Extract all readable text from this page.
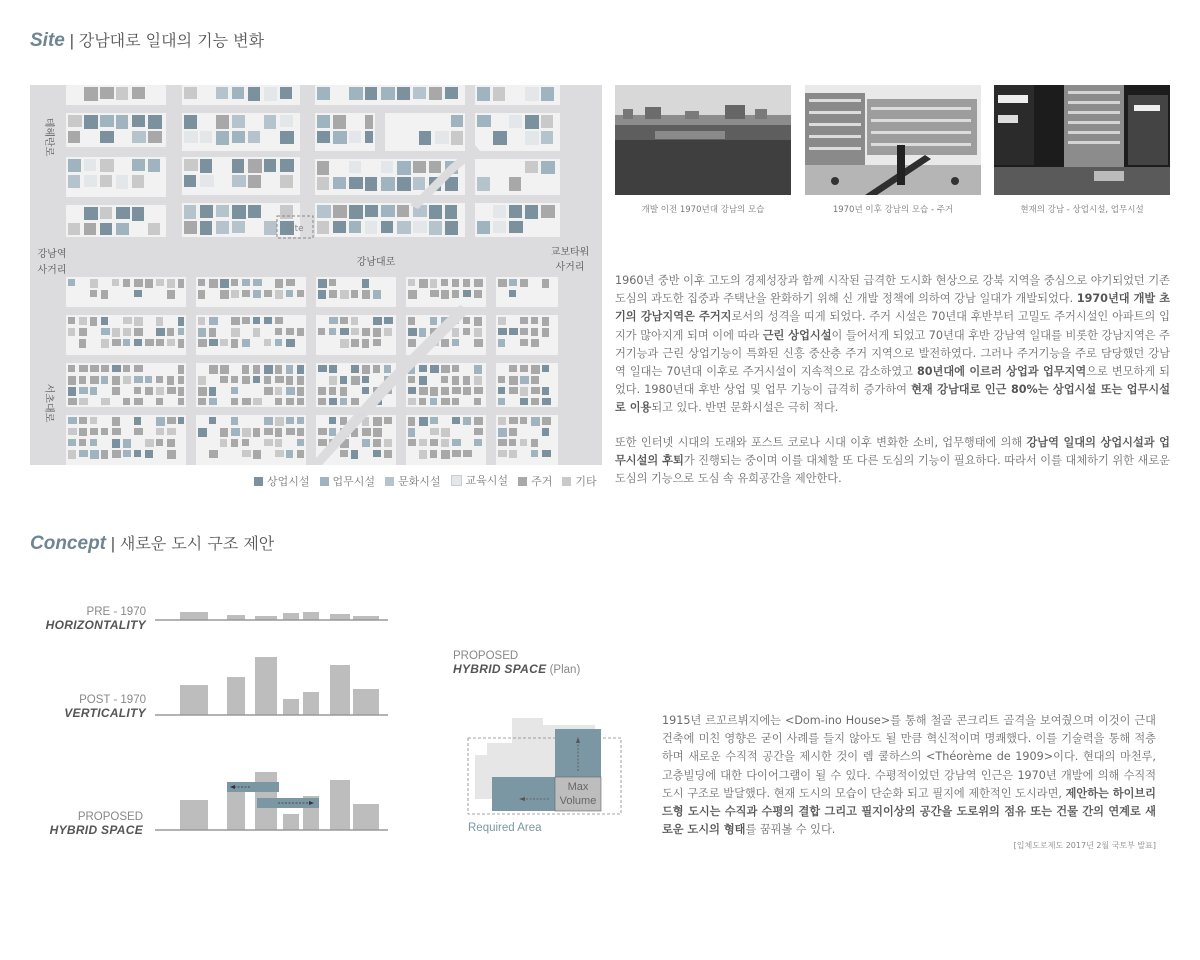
Site | 강남대로 일대의 기능 변화
Site
강남대로
강남역
사거리
교보타워
사거리
테헤란로
서초대로
상업시설 업무시설 문화시설 교육시설 주거 기타
개발 이전 1970년대 강남의 모습	1970년 이후 강남의 모습 - 주거	현재의 강남 - 상업시설, 업무시설
1960년 중반 이후 고도의 경제성장과 함께 시작된 급격한 도시화 현상으로 강북 지역을 중심으로 야기되었던 기존 도심의 과도한 집중과 주택난을 완화하기 위해 신 개발 정책에 의하여 강남 일대가 개발되었다. 1970년대 개발 초기의 강남지역은 주거지로서의 성격을 띠게 되었다. 주거 시설은 70년대 후반부터 고밀도 주거시설인 아파트의 입지가 많아지게 되며 이에 따라 근린 상업시설이 들어서게 되었고 70년대 후반 강남역 일대를 비롯한 강남지역은 주거기능과 근린 상업기능이 특화된 신흥 중산층 주거 지역으로 발전하였다. 그러나 주거기능을 주로 담당했던 강남역 일대는 70년대 이후로 주거시설이 지속적으로 감소하였고 80년대에 이르러 상업과 업무지역으로 변모하게 되었다. 1980년대 후반 상업 및 업무 기능이 급격히 증가하여 현재 강남대로 인근 80%는 상업시설 또는 업무시설로 이용되고 있다. 반면 문화시설은 극히 적다.
또한 인터넷 시대의 도래와 포스트 코로나 시대 이후 변화한 소비, 업무행태에 의해 강남역 일대의 상업시설과 업무시설의 후퇴가 진행되는 중이며 이를 대체할 또 다른 도심의 기능이 필요하다. 따라서 이를 대체하기 위한 새로운 도심의 기능으로 도심 속 유희공간을 제안한다.
Concept | 새로운 도시 구조 제안
PRE - 1970
HORIZONTALITY
POST - 1970
VERTICALITY
PROPOSED
HYBRID SPACE
PROPOSED
HYBRID SPACE (Plan)
Max
Volume
Required Area
1915년 르꼬르뷔지에는 <Dom-ino House>를 통해 철골 콘크리트 골격을 보여줬으며 이것이 근대 건축에 미친 영향은 굳이 사례를 들지 않아도 될 만큼 혁신적이며 명쾌했다. 이를 기술력을 통해 적층하며 새로운 수직적 공간을 제시한 것이 렘 쿨하스의 <Théorème de 1909>이다. 현대의 마천루, 고층빌딩에 대한 다이어그램이 될 수 있다. 수평적이었던 강남역 인근은 1970년 개발에 의해 수직적 도시 구조로 발달했다. 현재 도시의 모습이 단순화 되고 필지에 제한적인 도시라면, 제안하는 하이브리드형 도시는 수직과 수평의 결합 그리고 필지이상의 공간을 도로위의 점유 또는 건물 간의 연계로 새로운 도시의 형태를 꿈꿔볼 수 있다.
[입체도로제도 2017년 2월 국토부 발표]
